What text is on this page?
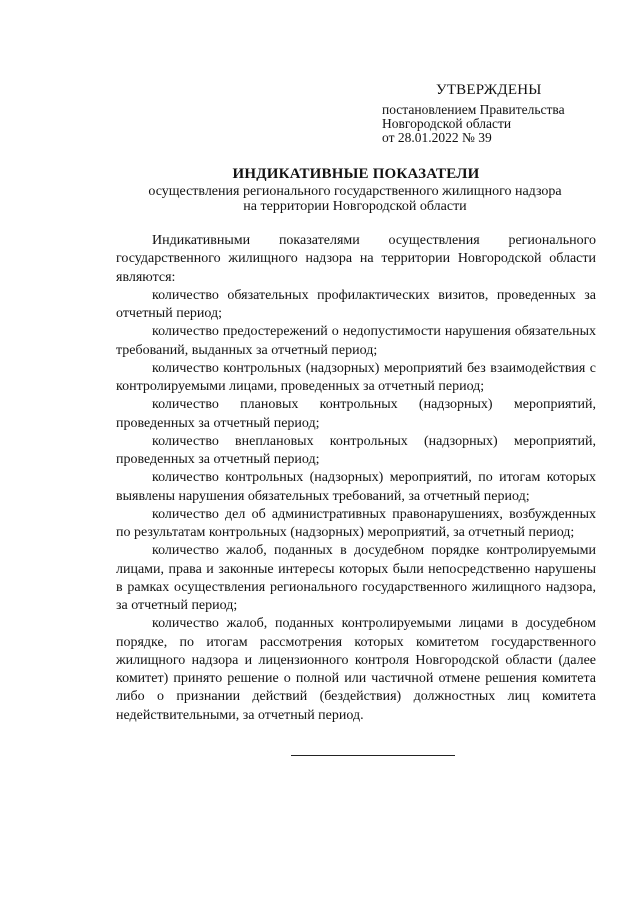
УТВЕРЖДЕНЫ
постановлением Правительства
Новгородской области
от 28.01.2022 № 39
ИНДИКАТИВНЫЕ ПОКАЗАТЕЛИ
осуществления регионального государственного жилищного надзора
на территории Новгородской области

Индикативными показателями осуществления регионального государственного жилищного надзора на территории Новгородской области являются:

количество обязательных профилактических визитов, проведенных за отчетный период;

количество предостережений о недопустимости нарушения обязательных требований, выданных за отчетный период;

количество контрольных (надзорных) мероприятий без взаимодействия с контролируемыми лицами, проведенных за отчетный период;

количество плановых контрольных (надзорных) мероприятий, проведенных за отчетный период;

количество внеплановых контрольных (надзорных) мероприятий, проведенных за отчетный период;

количество контрольных (надзорных) мероприятий, по итогам которых выявлены нарушения обязательных требований, за отчетный период;

количество дел об административных правонарушениях, возбужденных по результатам контрольных (надзорных) мероприятий, за отчетный период;

количество жалоб, поданных в досудебном порядке контролируемыми лицами, права и законные интересы которых были непосредственно нарушены в рамках осуществления регионального государственного жилищного надзора, за отчетный период;

количество жалоб, поданных контролируемыми лицами в досудебном порядке, по итогам рассмотрения которых комитетом государственного жилищного надзора и лицензионного контроля Новгородской области (далее комитет) принято решение о полной или частичной отмене решения комитета либо о признании действий (бездействия) должностных лиц комитета недействительными, за отчетный период.
